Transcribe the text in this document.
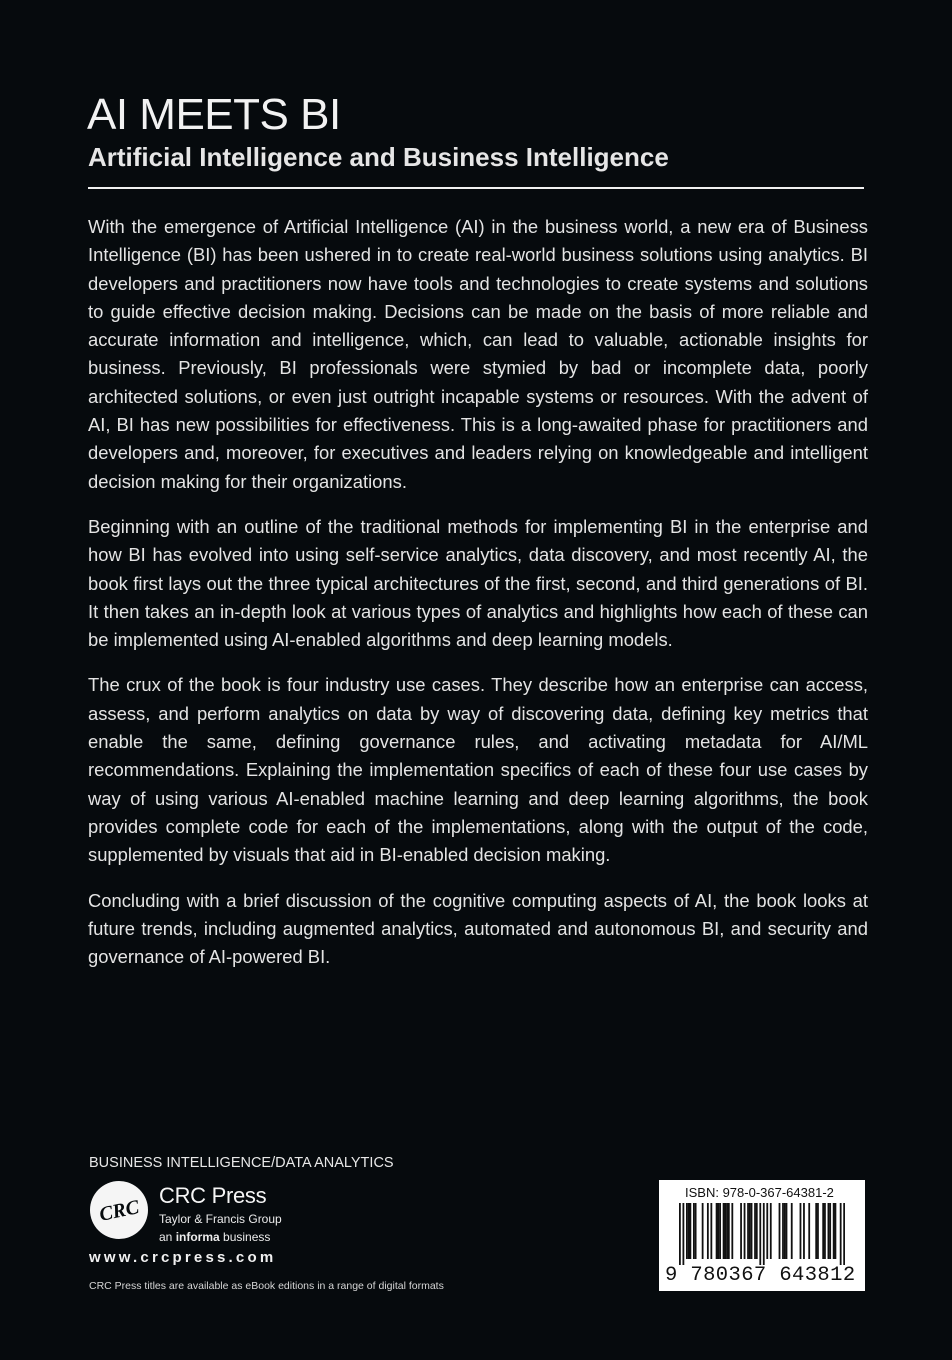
AI MEETS BI
Artificial Intelligence and Business Intelligence

With the emergence of Artificial Intelligence (AI) in the business world, a new era of Business Intelligence (BI) has been ushered in to create real-world business solutions using analytics. BI developers and practitioners now have tools and technologies to create systems and solutions to guide effective decision making. Decisions can be made on the basis of more reliable and accurate information and intelligence, which, can lead to valuable, actionable insights for business. Previously, BI professionals were stymied by bad or incomplete data, poorly architected solutions, or even just outright incapable systems or resources. With the advent of AI, BI has new possibilities for effectiveness. This is a long-awaited phase for practitioners and developers and, moreover, for executives and leaders relying on knowledgeable and intelligent decision making for their organizations.

Beginning with an outline of the traditional methods for implementing BI in the enterprise and how BI has evolved into using self-service analytics, data discovery, and most recently AI, the book first lays out the three typical architectures of the first, second, and third generations of BI. It then takes an in-depth look at various types of analytics and highlights how each of these can be implemented using AI-enabled algorithms and deep learning models.

The crux of the book is four industry use cases. They describe how an enterprise can access, assess, and perform analytics on data by way of discovering data, defining key metrics that enable the same, defining governance rules, and activating metadata for AI/ML recommendations. Explaining the implementation specifics of each of these four use cases by way of using various AI-enabled machine learning and deep learning algorithms, the book provides complete code for each of the implementations, along with the output of the code, supplemented by visuals that aid in BI-enabled decision making.

Concluding with a brief discussion of the cognitive computing aspects of AI, the book looks at future trends, including augmented analytics, automated and autonomous BI, and security and governance of AI-powered BI.

BUSINESS INTELLIGENCE/DATA ANALYTICS
CRC
CRC Press
Taylor & Francis Group
an informa business
www.crcpress.com
CRC Press titles are available as eBook editions in a range of digital formats
ISBN: 978-0-367-64381-2
9 780367 643812
